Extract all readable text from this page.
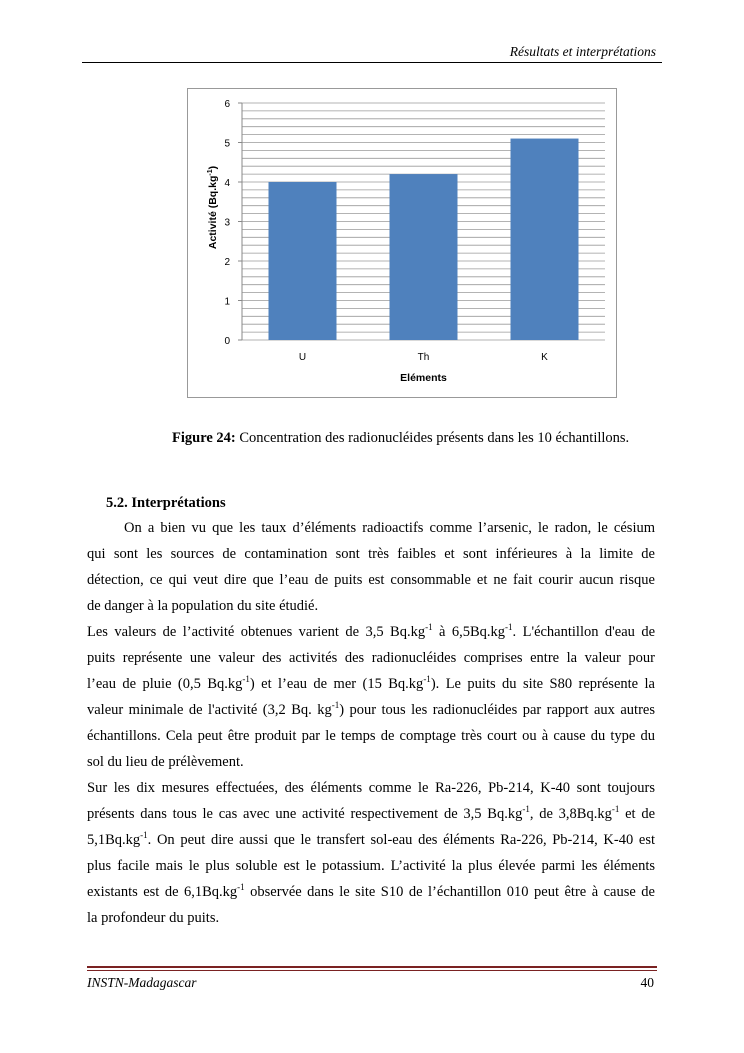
Résultats et interprétations
0
1
2
3
4
5
6
U	Th	K
Eléments
Activité $(Bq.kg^{-1})$
Figure 24: Concentration des radionucléides présents dans les 10 échantillons.
5.2. Interprétations
On a bien vu que les taux d’éléments radioactifs comme l’arsenic, le radon, le césium
qui sont les sources de contamination sont très faibles et sont inférieures à la limite de
détection, ce qui veut dire que l’eau de puits est consommable et ne fait courir aucun risque
de danger à la population du site étudié.
Les valeurs de l’activité obtenues varient de 3,5 $Bq.kg^{-1}$ à $6,5Bq.kg^{-1}$. L'échantillon d'eau de
puits représente une valeur des activités des radionucléides comprises entre la valeur pour
l’eau de pluie (0,5 $Bq.kg^{-1}$) et l’eau de mer (15 $Bq.kg^{-1}$). Le puits du site S80 représente la
valeur minimale de l'activité (3,2 Bq. $kg^{-1}$) pour tous les radionucléides par rapport aux autres
échantillons. Cela peut être produit par le temps de comptage très court ou à cause du type du
sol du lieu de prélèvement.
Sur les dix mesures effectuées, des éléments comme le Ra-226, Pb-214, K-40 sont toujours
présents dans tous le cas avec une activité respectivement de 3,5 $Bq.kg^{-1}$, de $3,8Bq.kg^{-1}$ et de
$5,1Bq.kg^{-1}$. On peut dire aussi que le transfert sol-eau des éléments Ra-226, Pb-214, K-40 est
plus facile mais le plus soluble est le potassium. L’activité la plus élevée parmi les éléments
existants est de $6,1Bq.kg^{-1}$ observée dans le site S10 de l’échantillon 010 peut être à cause de
la profondeur du puits.
INSTN-Madagascar	40
